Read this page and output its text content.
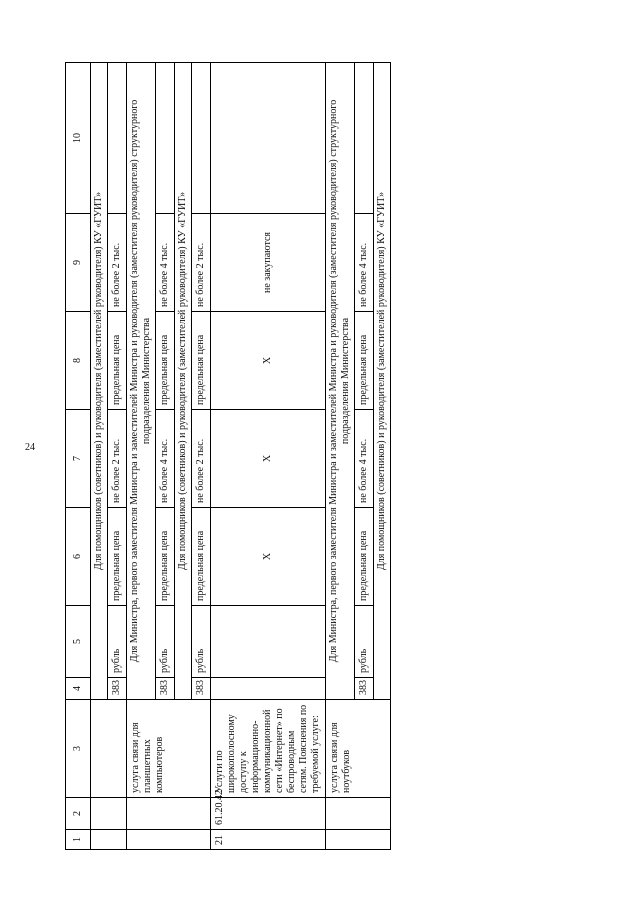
24
1	2	3	4	5	6	7	8	9	10
			Для помощников (советников) и руководителя (заместителей руководителя) КУ «ГУИТ»						
			383	рубль	предельная цена	не более 2 тыс.	предельная цена	не более 2 тыс.	
		услуга связи для планшетных компьютеров	Для Министра, первого заместителя Министра и заместителей Министра и руководителя (заместителя руководителя) структурного подразделения Министерства						
			383	рубль	предельная цена	не более 4 тыс.	предельная цена	не более 4 тыс.	
			Для помощников (советников) и руководителя (заместителей руководителя) КУ «ГУИТ»						
			383	рубль	предельная цена	не более 2 тыс.	предельная цена	не более 2 тыс.	
21	61.20.42	Услуги по широкополосному доступу к информационно-коммуникационной сети «Интернет» по беспроводным сетям. Пояснения по требуемой услуге:			X	X	X	не закупаются	
		услуга связи для ноутбуков	Для Министра, первого заместителя Министра и заместителей Министра и руководителя (заместителя руководителя) структурного подразделения Министерства						
			383	рубль	предельная цена	не более 4 тыс.	предельная цена	не более 4 тыс.	
			Для помощников (советников) и руководителя (заместителей руководителя) КУ «ГУИТ»						
